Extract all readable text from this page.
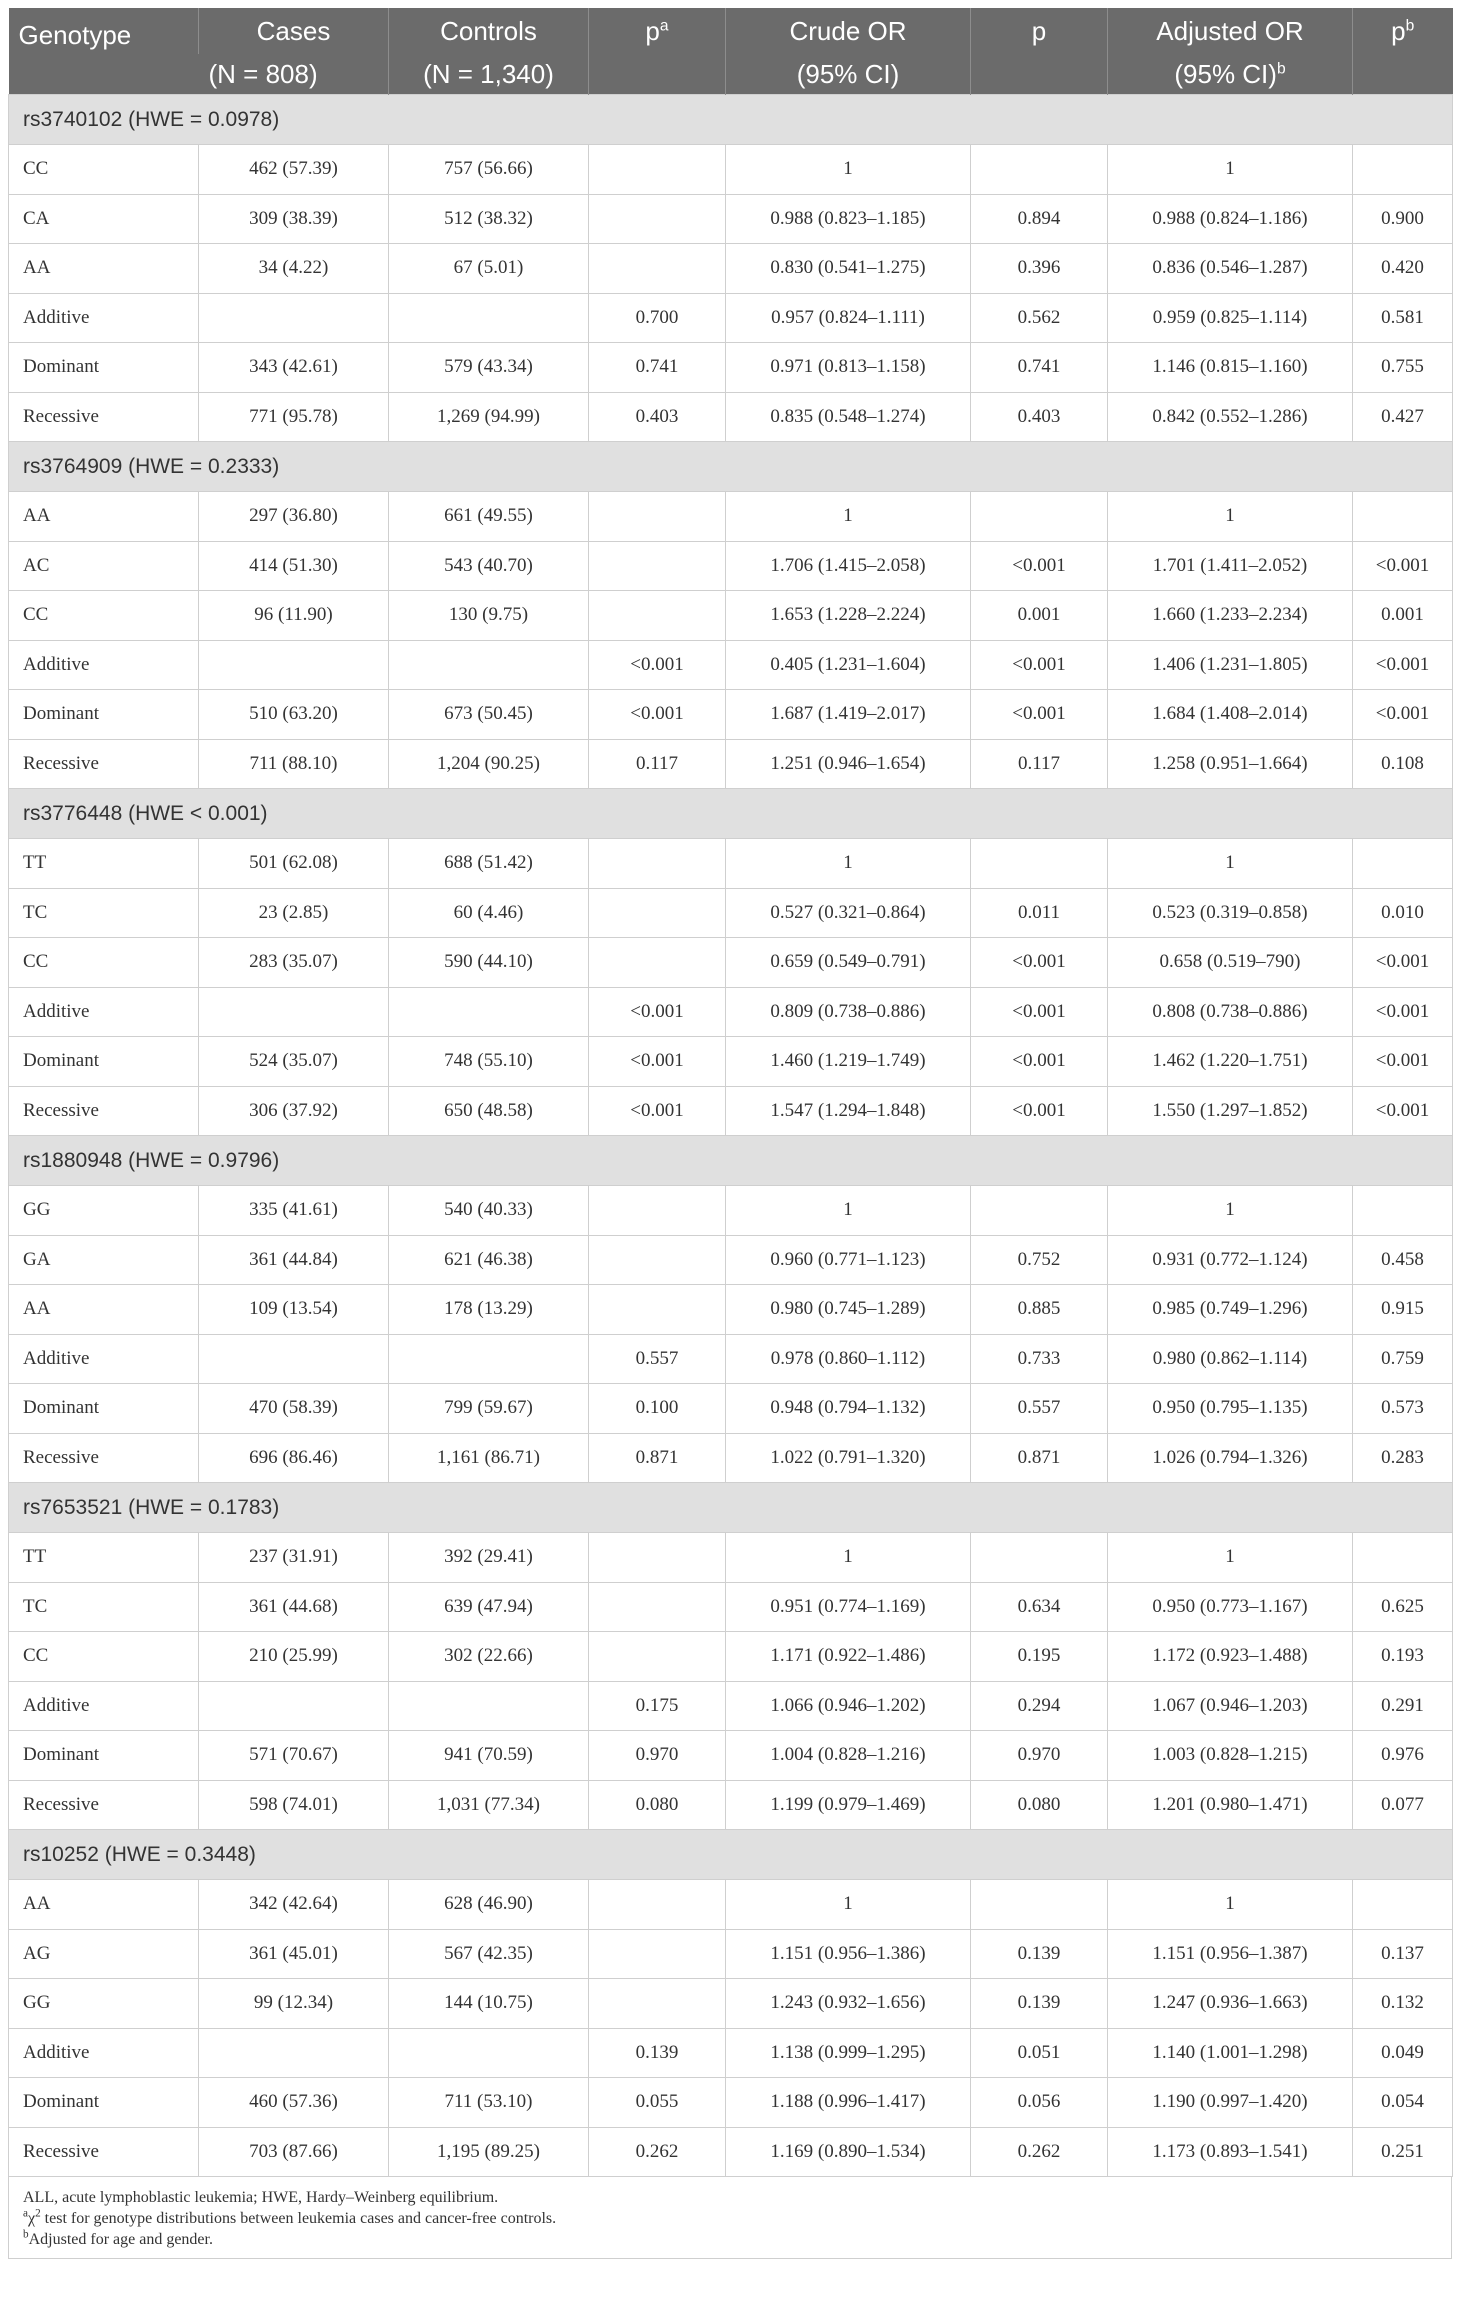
Genotype	Cases	Controls	$p^a$	Crude OR	p	Adjusted OR	$p^b$
	(N = 808)	(N = 1,340)		(95% CI)		(95% CI)$^b$	
rs3740102 (HWE = 0.0978)							
CC	462 (57.39)	757 (56.66)		1		1	
CA	309 (38.39)	512 (38.32)		0.988 (0.823–1.185)	0.894	0.988 (0.824–1.186)	0.900
AA	34 (4.22)	67 (5.01)		0.830 (0.541–1.275)	0.396	0.836 (0.546–1.287)	0.420
Additive			0.700	0.957 (0.824–1.111)	0.562	0.959 (0.825–1.114)	0.581
Dominant	343 (42.61)	579 (43.34)	0.741	0.971 (0.813–1.158)	0.741	1.146 (0.815–1.160)	0.755
Recessive	771 (95.78)	1,269 (94.99)	0.403	0.835 (0.548–1.274)	0.403	0.842 (0.552–1.286)	0.427
rs3764909 (HWE = 0.2333)							
AA	297 (36.80)	661 (49.55)		1		1	
AC	414 (51.30)	543 (40.70)		1.706 (1.415–2.058)	<0.001	1.701 (1.411–2.052)	<0.001
CC	96 (11.90)	130 (9.75)		1.653 (1.228–2.224)	0.001	1.660 (1.233–2.234)	0.001
Additive			<0.001	0.405 (1.231–1.604)	<0.001	1.406 (1.231–1.805)	<0.001
Dominant	510 (63.20)	673 (50.45)	<0.001	1.687 (1.419–2.017)	<0.001	1.684 (1.408–2.014)	<0.001
Recessive	711 (88.10)	1,204 (90.25)	0.117	1.251 (0.946–1.654)	0.117	1.258 (0.951–1.664)	0.108
rs3776448 (HWE < 0.001)							
TT	501 (62.08)	688 (51.42)		1		1	
TC	23 (2.85)	60 (4.46)		0.527 (0.321–0.864)	0.011	0.523 (0.319–0.858)	0.010
CC	283 (35.07)	590 (44.10)		0.659 (0.549–0.791)	<0.001	0.658 (0.519–790)	<0.001
Additive			<0.001	0.809 (0.738–0.886)	<0.001	0.808 (0.738–0.886)	<0.001
Dominant	524 (35.07)	748 (55.10)	<0.001	1.460 (1.219–1.749)	<0.001	1.462 (1.220–1.751)	<0.001
Recessive	306 (37.92)	650 (48.58)	<0.001	1.547 (1.294–1.848)	<0.001	1.550 (1.297–1.852)	<0.001
rs1880948 (HWE = 0.9796)							
GG	335 (41.61)	540 (40.33)		1		1	
GA	361 (44.84)	621 (46.38)		0.960 (0.771–1.123)	0.752	0.931 (0.772–1.124)	0.458
AA	109 (13.54)	178 (13.29)		0.980 (0.745–1.289)	0.885	0.985 (0.749–1.296)	0.915
Additive			0.557	0.978 (0.860–1.112)	0.733	0.980 (0.862–1.114)	0.759
Dominant	470 (58.39)	799 (59.67)	0.100	0.948 (0.794–1.132)	0.557	0.950 (0.795–1.135)	0.573
Recessive	696 (86.46)	1,161 (86.71)	0.871	1.022 (0.791–1.320)	0.871	1.026 (0.794–1.326)	0.283
rs7653521 (HWE = 0.1783)							
TT	237 (31.91)	392 (29.41)		1		1	
TC	361 (44.68)	639 (47.94)		0.951 (0.774–1.169)	0.634	0.950 (0.773–1.167)	0.625
CC	210 (25.99)	302 (22.66)		1.171 (0.922–1.486)	0.195	1.172 (0.923–1.488)	0.193
Additive			0.175	1.066 (0.946–1.202)	0.294	1.067 (0.946–1.203)	0.291
Dominant	571 (70.67)	941 (70.59)	0.970	1.004 (0.828–1.216)	0.970	1.003 (0.828–1.215)	0.976
Recessive	598 (74.01)	1,031 (77.34)	0.080	1.199 (0.979–1.469)	0.080	1.201 (0.980–1.471)	0.077
rs10252 (HWE = 0.3448)							
AA	342 (42.64)	628 (46.90)		1		1	
AG	361 (45.01)	567 (42.35)		1.151 (0.956–1.386)	0.139	1.151 (0.956–1.387)	0.137
GG	99 (12.34)	144 (10.75)		1.243 (0.932–1.656)	0.139	1.247 (0.936–1.663)	0.132
Additive			0.139	1.138 (0.999–1.295)	0.051	1.140 (1.001–1.298)	0.049
Dominant	460 (57.36)	711 (53.10)	0.055	1.188 (0.996–1.417)	0.056	1.190 (0.997–1.420)	0.054
Recessive	703 (87.66)	1,195 (89.25)	0.262	1.169 (0.890–1.534)	0.262	1.173 (0.893–1.541)	0.251
ALL, acute lymphoblastic leukemia; HWE, Hardy–Weinberg equilibrium.
$^a\chi^2$ test for genotype distributions between leukemia cases and cancer-free controls.
$^b$Adjusted for age and gender.
